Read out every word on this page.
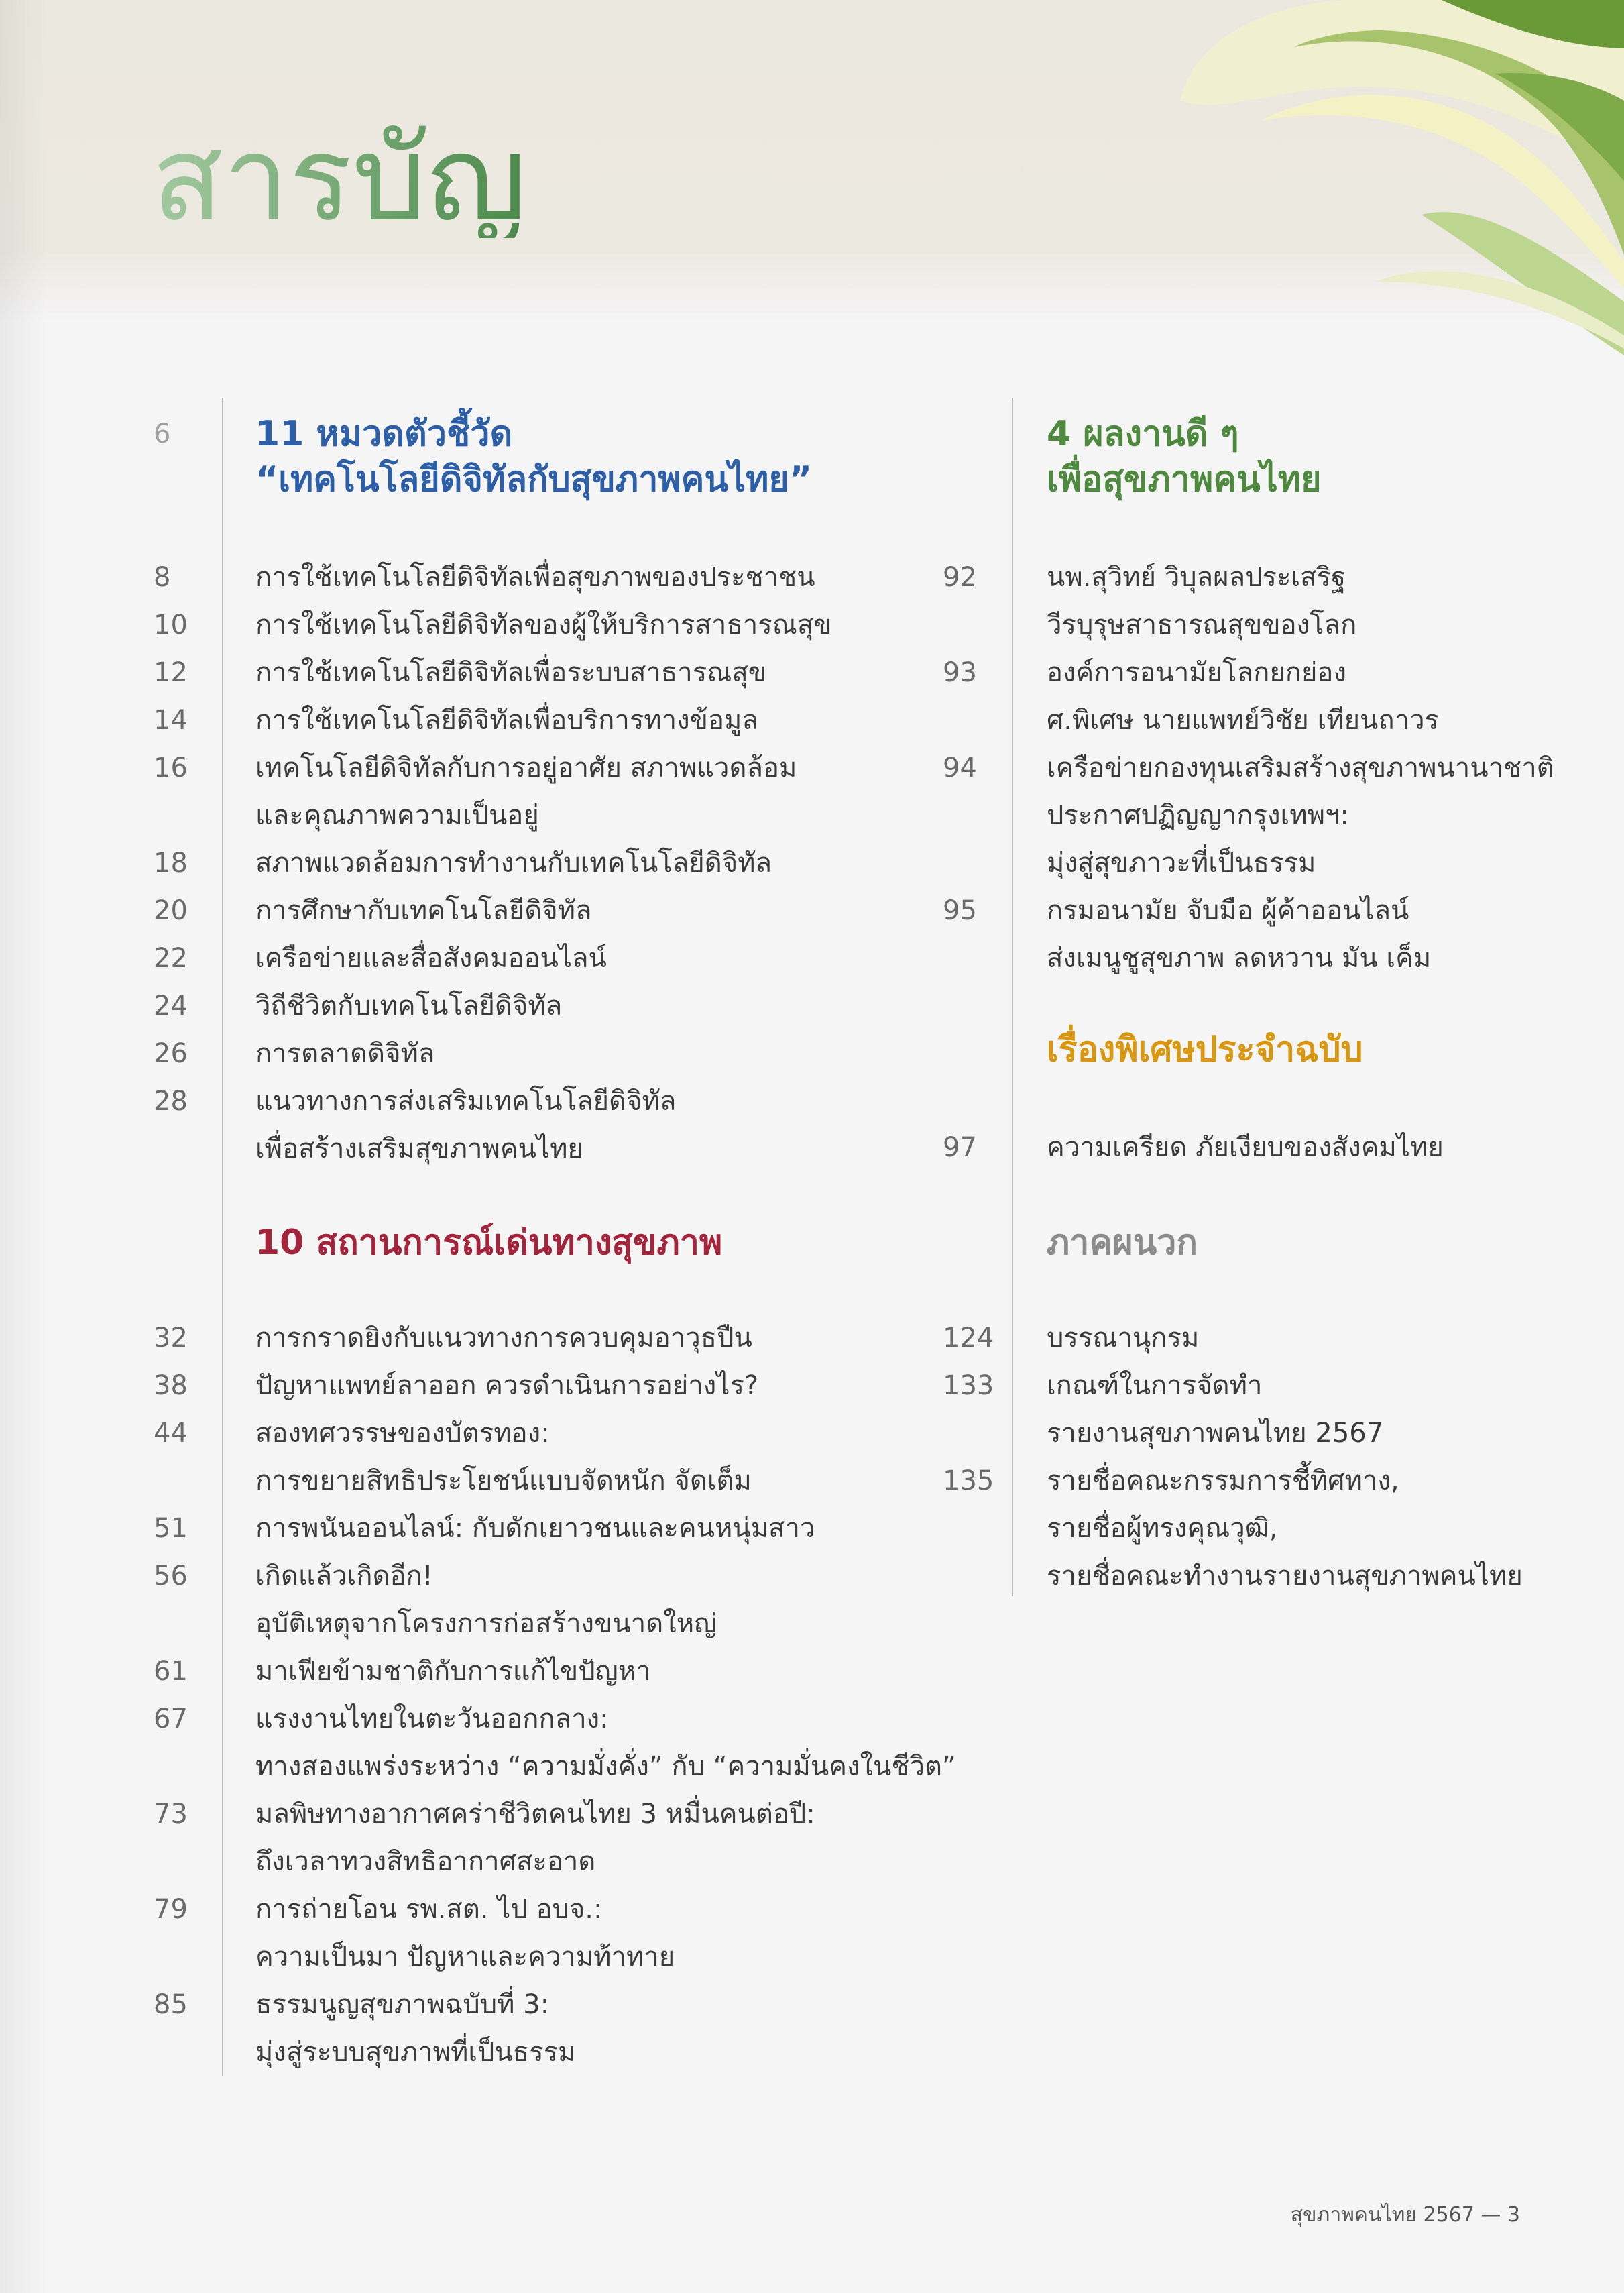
สารบัญ
6 11 หมวดตัวชี้วัด
“เทคโนโลยีดิจิทัลกับสุขภาพคนไทย”
8	การใช้เทคโนโลยีดิจิทัลเพื่อสุขภาพของประชาชน
10	การใช้เทคโนโลยีดิจิทัลของผู้ให้บริการสาธารณสุข
12	การใช้เทคโนโลยีดิจิทัลเพื่อระบบสาธารณสุข
14	การใช้เทคโนโลยีดิจิทัลเพื่อบริการทางข้อมูล
16	เทคโนโลยีดิจิทัลกับการอยู่อาศัย สภาพแวดล้อม
และคุณภาพความเป็นอยู่
18	สภาพแวดล้อมการทำงานกับเทคโนโลยีดิจิทัล
20	การศึกษากับเทคโนโลยีดิจิทัล
22	เครือข่ายและสื่อสังคมออนไลน์
24	วิถีชีวิตกับเทคโนโลยีดิจิทัล
26	การตลาดดิจิทัล
28	แนวทางการส่งเสริมเทคโนโลยีดิจิทัล
เพื่อสร้างเสริมสุขภาพคนไทย
10 สถานการณ์เด่นทางสุขภาพ
32	การกราดยิงกับแนวทางการควบคุมอาวุธปืน
38	ปัญหาแพทย์ลาออก ควรดำเนินการอย่างไร?
44	สองทศวรรษของบัตรทอง:
การขยายสิทธิประโยชน์แบบจัดหนัก จัดเต็ม
51	การพนันออนไลน์: กับดักเยาวชนและคนหนุ่มสาว
56	เกิดแล้วเกิดอีก!
อุบัติเหตุจากโครงการก่อสร้างขนาดใหญ่
61	มาเฟียข้ามชาติกับการแก้ไขปัญหา
67	แรงงานไทยในตะวันออกกลาง:
ทางสองแพร่งระหว่าง “ความมั่งคั่ง” กับ “ความมั่นคงในชีวิต”
73	มลพิษทางอากาศคร่าชีวิตคนไทย 3 หมื่นคนต่อปี:
ถึงเวลาทวงสิทธิอากาศสะอาด
79	การถ่ายโอน รพ.สต. ไป อบจ.:
ความเป็นมา ปัญหาและความท้าทาย
85	ธรรมนูญสุขภาพฉบับที่ 3:
มุ่งสู่ระบบสุขภาพที่เป็นธรรม
4 ผลงานดี ๆ
เพื่อสุขภาพคนไทย
92	นพ.สุวิทย์ วิบุลผลประเสริฐ
วีรบุรุษสาธารณสุขของโลก
93	องค์การอนามัยโลกยกย่อง
ศ.พิเศษ นายแพทย์วิชัย เทียนถาวร
94	เครือข่ายกองทุนเสริมสร้างสุขภาพนานาชาติ
ประกาศปฏิญญากรุงเทพฯ:
มุ่งสู่สุขภาวะที่เป็นธรรม
95	กรมอนามัย จับมือ ผู้ค้าออนไลน์
ส่งเมนูชูสุขภาพ ลดหวาน มัน เค็ม
เรื่องพิเศษประจำฉบับ
97	ความเครียด ภัยเงียบของสังคมไทย
ภาคผนวก
124 บรรณานุกรม
133 เกณฑ์ในการจัดทำ
รายงานสุขภาพคนไทย 2567
135 รายชื่อคณะกรรมการชี้ทิศทาง,
รายชื่อผู้ทรงคุณวุฒิ,
รายชื่อคณะทำงานรายงานสุขภาพคนไทย
สุขภาพคนไทย 2567 — 3
